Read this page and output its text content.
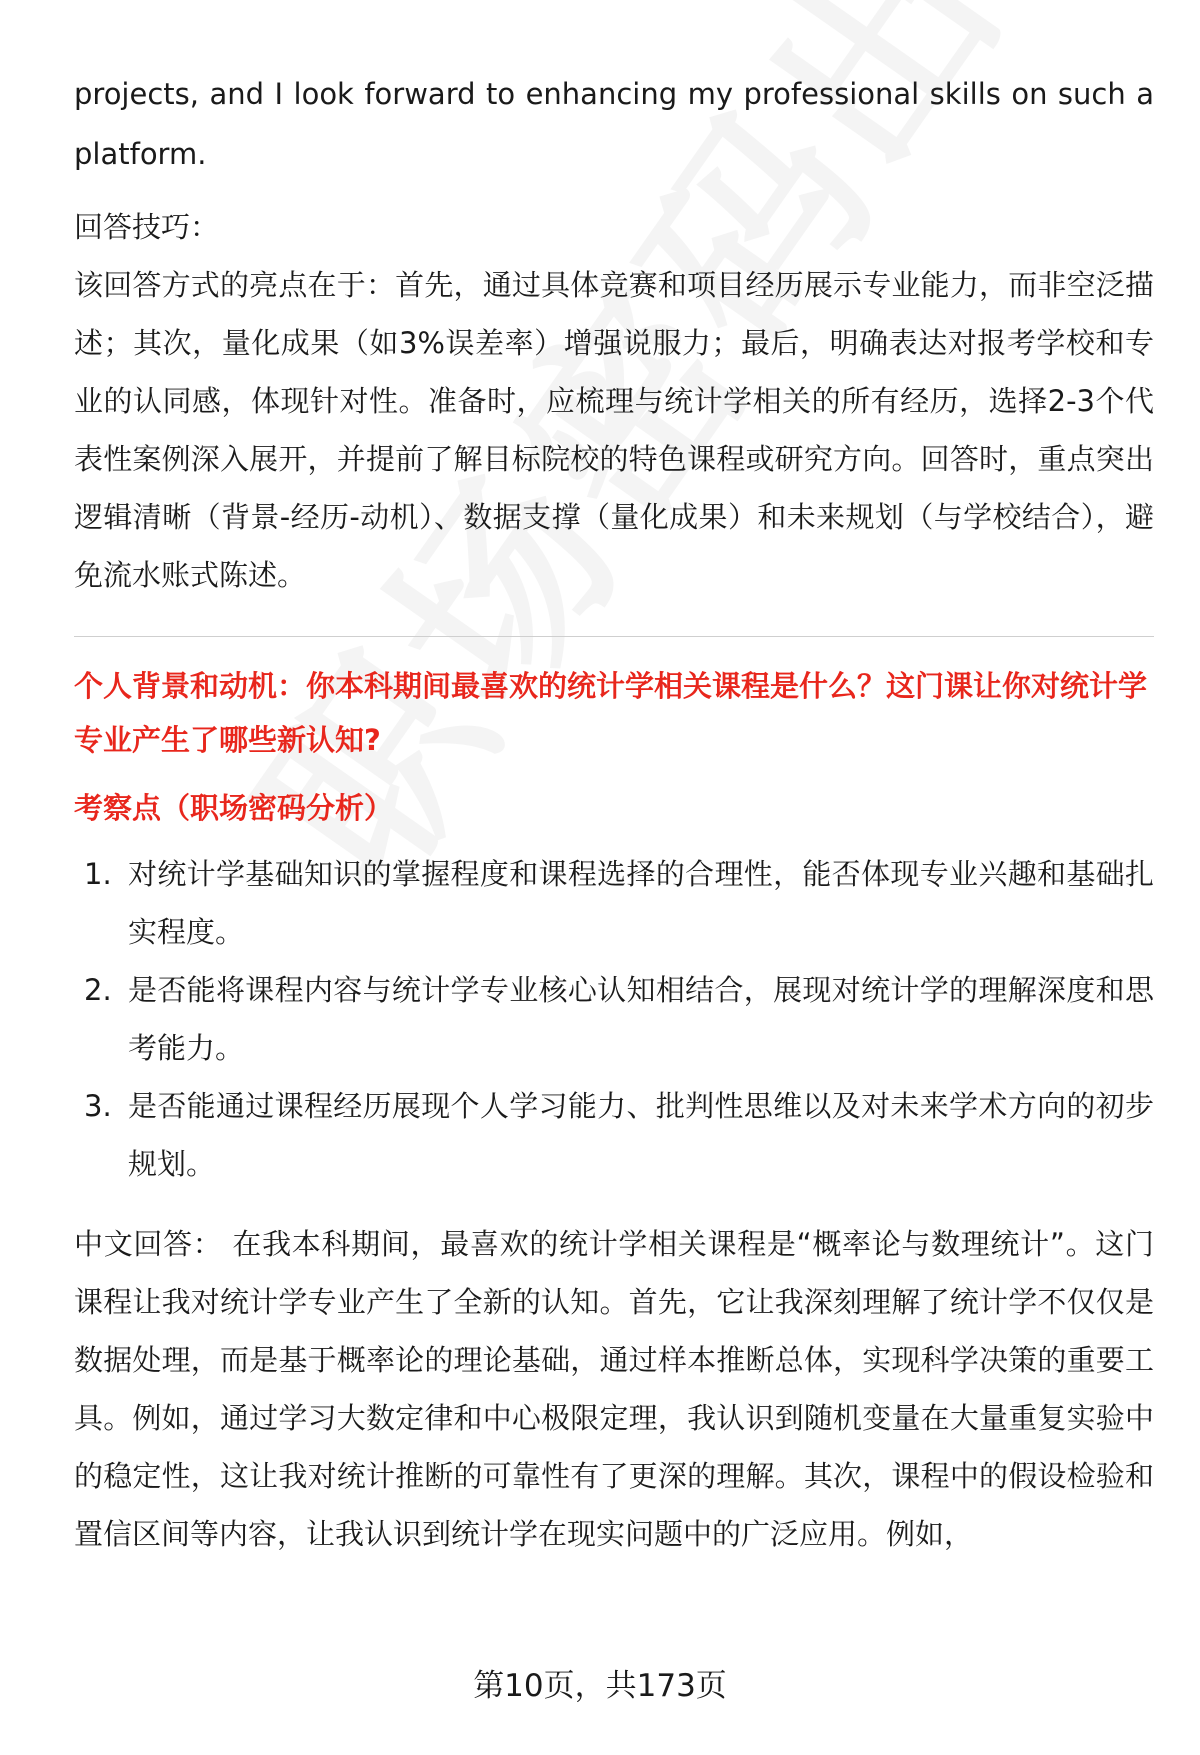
projects, and I look forward to enhancing my professional skills on such a platform.

回答技巧：

该回答方式的亮点在于：首先，通过具体竞赛和项目经历展示专业能力，而非空泛描述；其次，量化成果（如3%误差率）增强说服力；最后，明确表达对报考学校和专业的认同感，体现针对性。准备时，应梳理与统计学相关的所有经历，选择2-3个代表性案例深入展开，并提前了解目标院校的特色课程或研究方向。回答时，重点突出逻辑清晰（背景-经历-动机）、数据支撑（量化成果）和未来规划（与学校结合），避免流水账式陈述。

个人背景和动机：你本科期间最喜欢的统计学相关课程是什么？这门课让你对统计学专业产生了哪些新认知?

考察点（职场密码分析）

1. 对统计学基础知识的掌握程度和课程选择的合理性，能否体现专业兴趣和基础扎实程度。
2. 是否能将课程内容与统计学专业核心认知相结合，展现对统计学的理解深度和思考能力。
3. 是否能通过课程经历展现个人学习能力、批判性思维以及对未来学术方向的初步规划。

中文回答： 在我本科期间，最喜欢的统计学相关课程是“概率论与数理统计”。这门课程让我对统计学专业产生了全新的认知。首先，它让我深刻理解了统计学不仅仅是数据处理，而是基于概率论的理论基础，通过样本推断总体，实现科学决策的重要工具。例如，通过学习大数定律和中心极限定理，我认识到随机变量在大量重复实验中的稳定性，这让我对统计推断的可靠性有了更深的理解。其次，课程中的假设检验和置信区间等内容，让我认识到统计学在现实问题中的广泛应用。例如，

第10页，共173页
